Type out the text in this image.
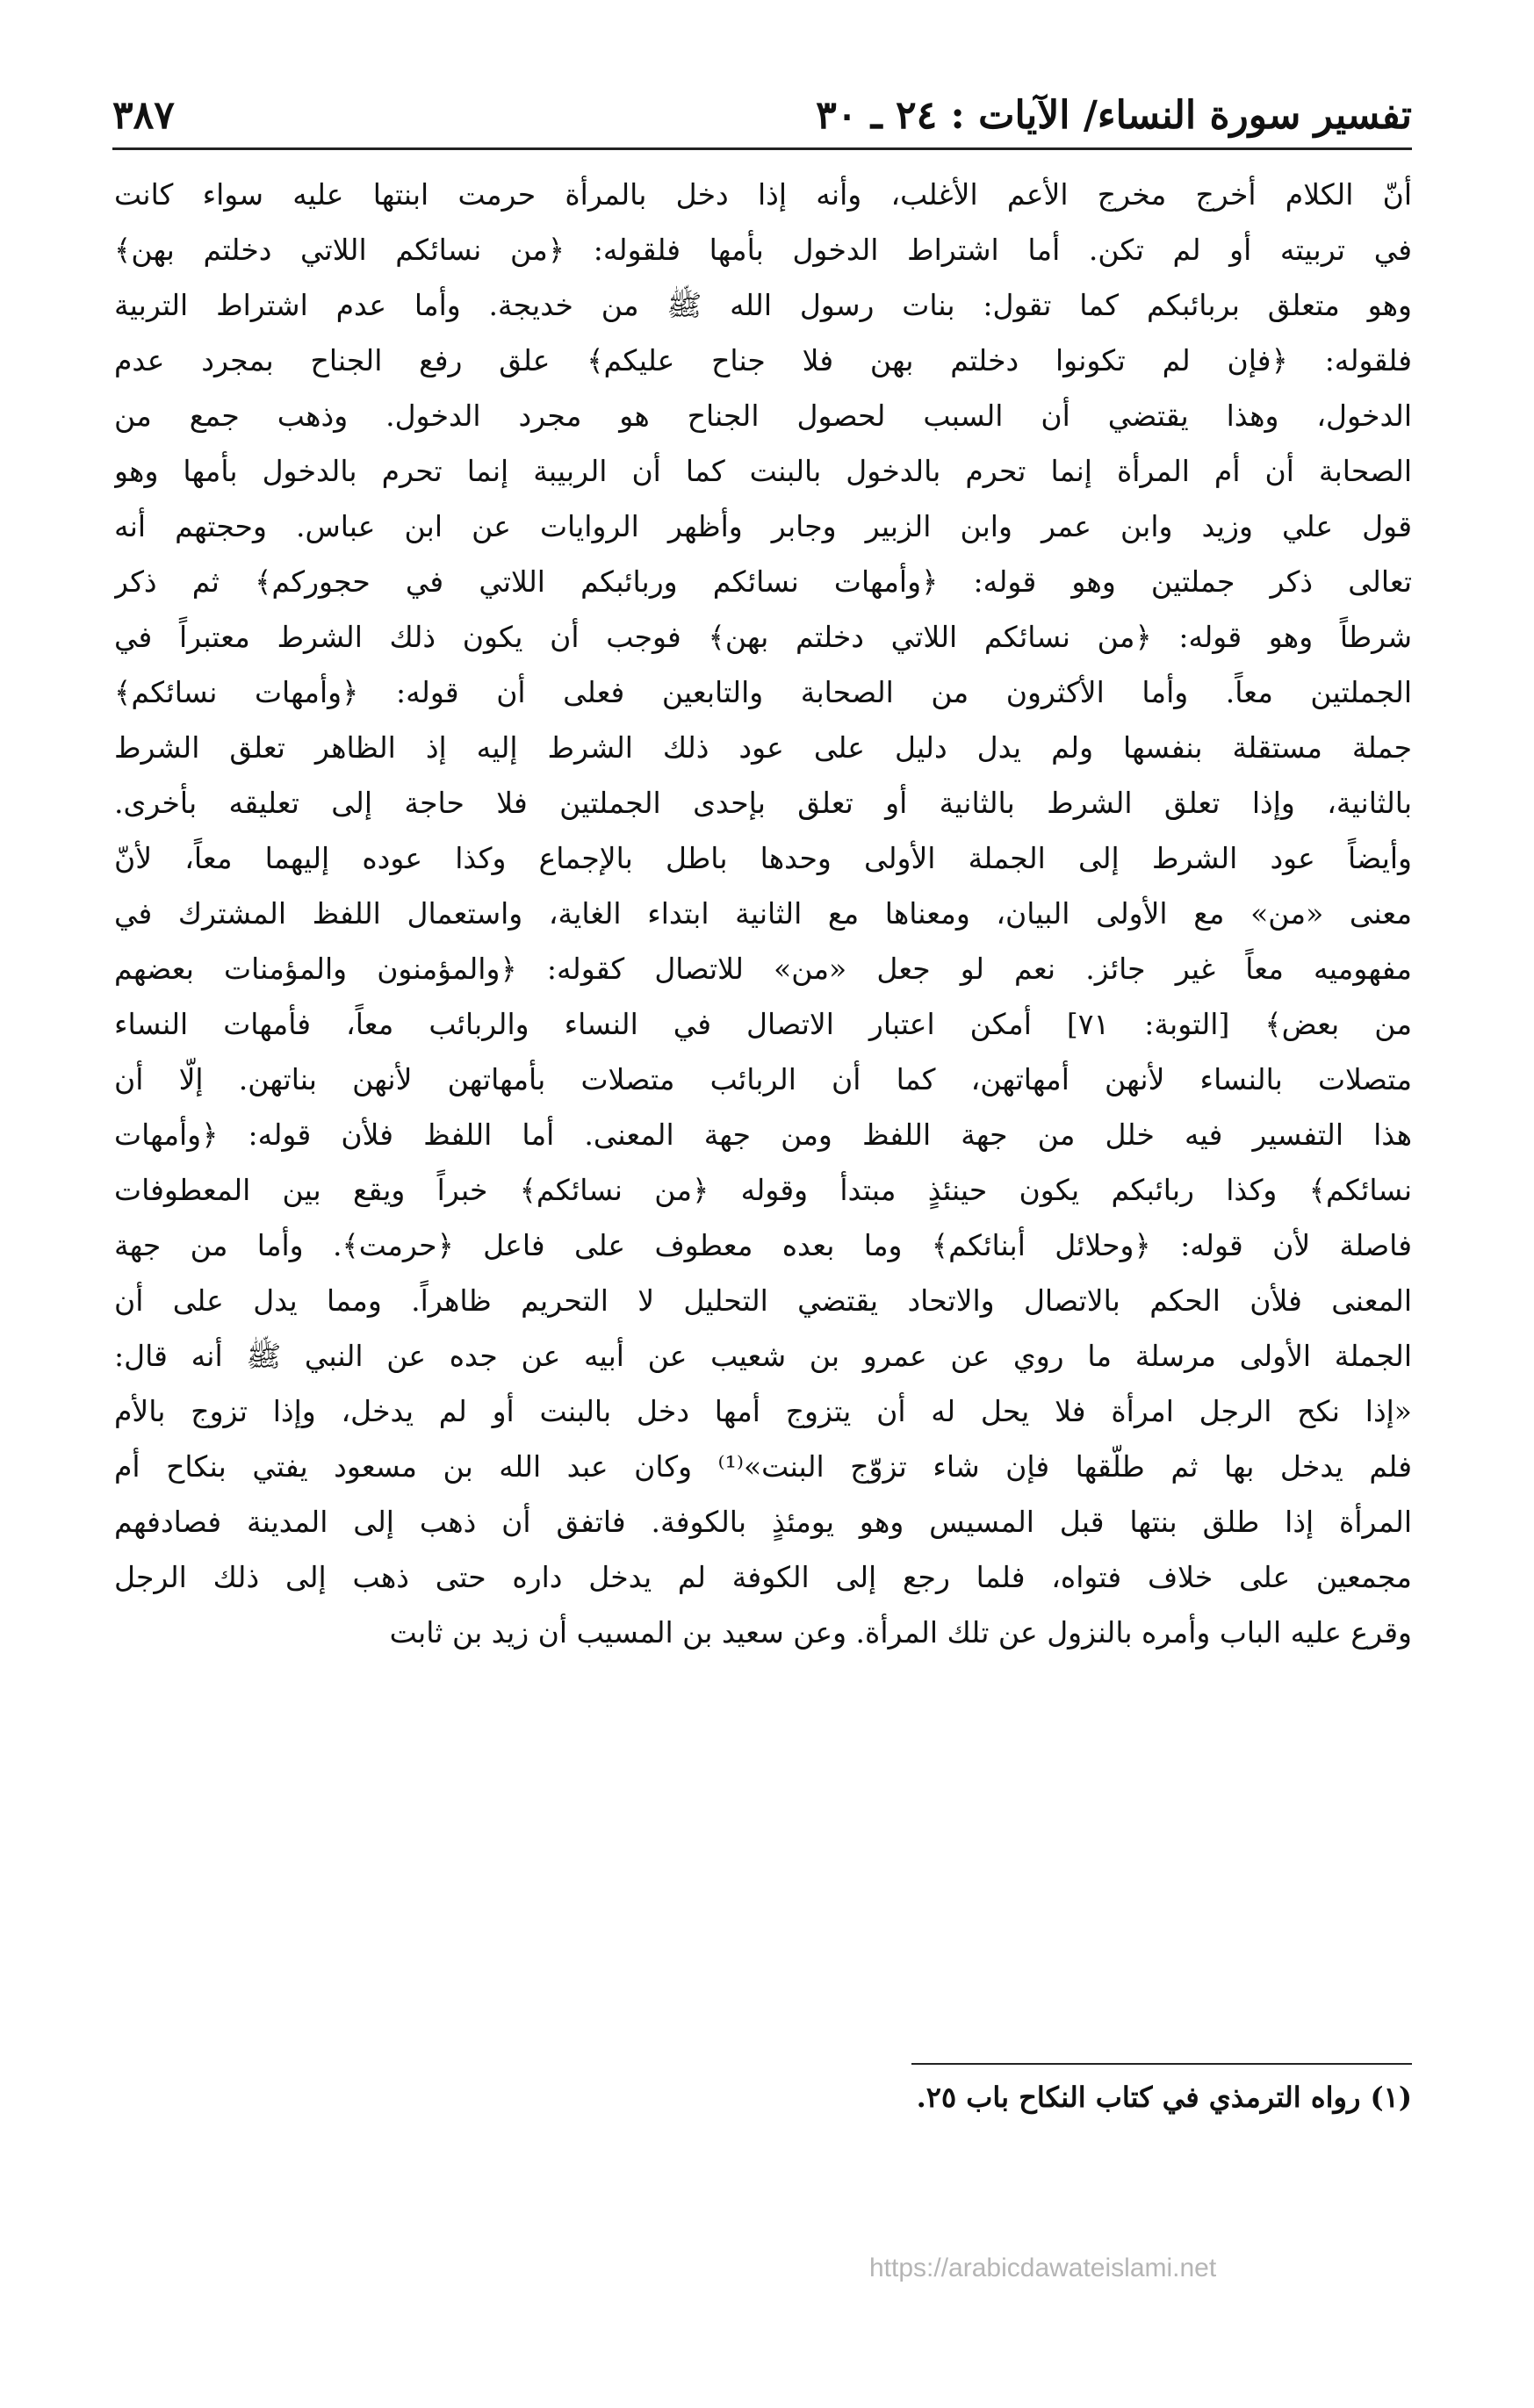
تفسير سورة النساء/ الآيات : ٢٤ ـ ٣٠
٣٨٧
أنّ الكلام أخرج مخرج الأعم الأغلب، وأنه إذا دخل بالمرأة حرمت ابنتها عليه سواء كانت
في تربيته أو لم تكن. أما اشتراط الدخول بأمها فلقوله: ﴿من نسائكم اللاتي دخلتم بهن﴾
وهو متعلق بربائبكم كما تقول: بنات رسول الله ﷺ من خديجة. وأما عدم اشتراط التربية
فلقوله: ﴿فإن لم تكونوا دخلتم بهن فلا جناح عليكم﴾ علق رفع الجناح بمجرد عدم
الدخول، وهذا يقتضي أن السبب لحصول الجناح هو مجرد الدخول. وذهب جمع من
الصحابة أن أم المرأة إنما تحرم بالدخول بالبنت كما أن الربيبة إنما تحرم بالدخول بأمها وهو
قول علي وزيد وابن عمر وابن الزبير وجابر وأظهر الروايات عن ابن عباس. وحجتهم أنه
تعالى ذكر جملتين وهو قوله: ﴿وأمهات نسائكم وربائبكم اللاتي في حجوركم﴾ ثم ذكر
شرطاً وهو قوله: ﴿من نسائكم اللاتي دخلتم بهن﴾ فوجب أن يكون ذلك الشرط معتبراً في
الجملتين معاً. وأما الأكثرون من الصحابة والتابعين فعلى أن قوله: ﴿وأمهات نسائكم﴾
جملة مستقلة بنفسها ولم يدل دليل على عود ذلك الشرط إليه إذ الظاهر تعلق الشرط
بالثانية، وإذا تعلق الشرط بالثانية أو تعلق بإحدى الجملتين فلا حاجة إلى تعليقه بأخرى.
وأيضاً عود الشرط إلى الجملة الأولى وحدها باطل بالإجماع وكذا عوده إليهما معاً، لأنّ
معنى «من» مع الأولى البيان، ومعناها مع الثانية ابتداء الغاية، واستعمال اللفظ المشترك في
مفهوميه معاً غير جائز. نعم لو جعل «من» للاتصال كقوله: ﴿والمؤمنون والمؤمنات بعضهم
من بعض﴾ [التوبة: ٧١] أمكن اعتبار الاتصال في النساء والربائب معاً، فأمهات النساء
متصلات بالنساء لأنهن أمهاتهن، كما أن الربائب متصلات بأمهاتهن لأنهن بناتهن. إلّا أن
هذا التفسير فيه خلل من جهة اللفظ ومن جهة المعنى. أما اللفظ فلأن قوله: ﴿وأمهات
نسائكم﴾ وكذا ربائبكم يكون حينئذٍ مبتدأ وقوله ﴿من نسائكم﴾ خبراً ويقع بين المعطوفات
فاصلة لأن قوله: ﴿وحلائل أبنائكم﴾ وما بعده معطوف على فاعل ﴿حرمت﴾. وأما من جهة
المعنى فلأن الحكم بالاتصال والاتحاد يقتضي التحليل لا التحريم ظاهراً. ومما يدل على أن
الجملة الأولى مرسلة ما روي عن عمرو بن شعيب عن أبيه عن جده عن النبي ﷺ أنه قال:
«إذا نكح الرجل امرأة فلا يحل له أن يتزوج أمها دخل بالبنت أو لم يدخل، وإذا تزوج بالأم
فلم يدخل بها ثم طلّقها فإن شاء تزوّج البنت»⁽¹⁾ وكان عبد الله بن مسعود يفتي بنكاح أم
المرأة إذا طلق بنتها قبل المسيس وهو يومئذٍ بالكوفة. فاتفق أن ذهب إلى المدينة فصادفهم
مجمعين على خلاف فتواه، فلما رجع إلى الكوفة لم يدخل داره حتى ذهب إلى ذلك الرجل
وقرع عليه الباب وأمره بالنزول عن تلك المرأة. وعن سعيد بن المسيب أن زيد بن ثابت
(١) رواه الترمذي في كتاب النكاح باب ٢٥.
https://arabicdawateislami.net
